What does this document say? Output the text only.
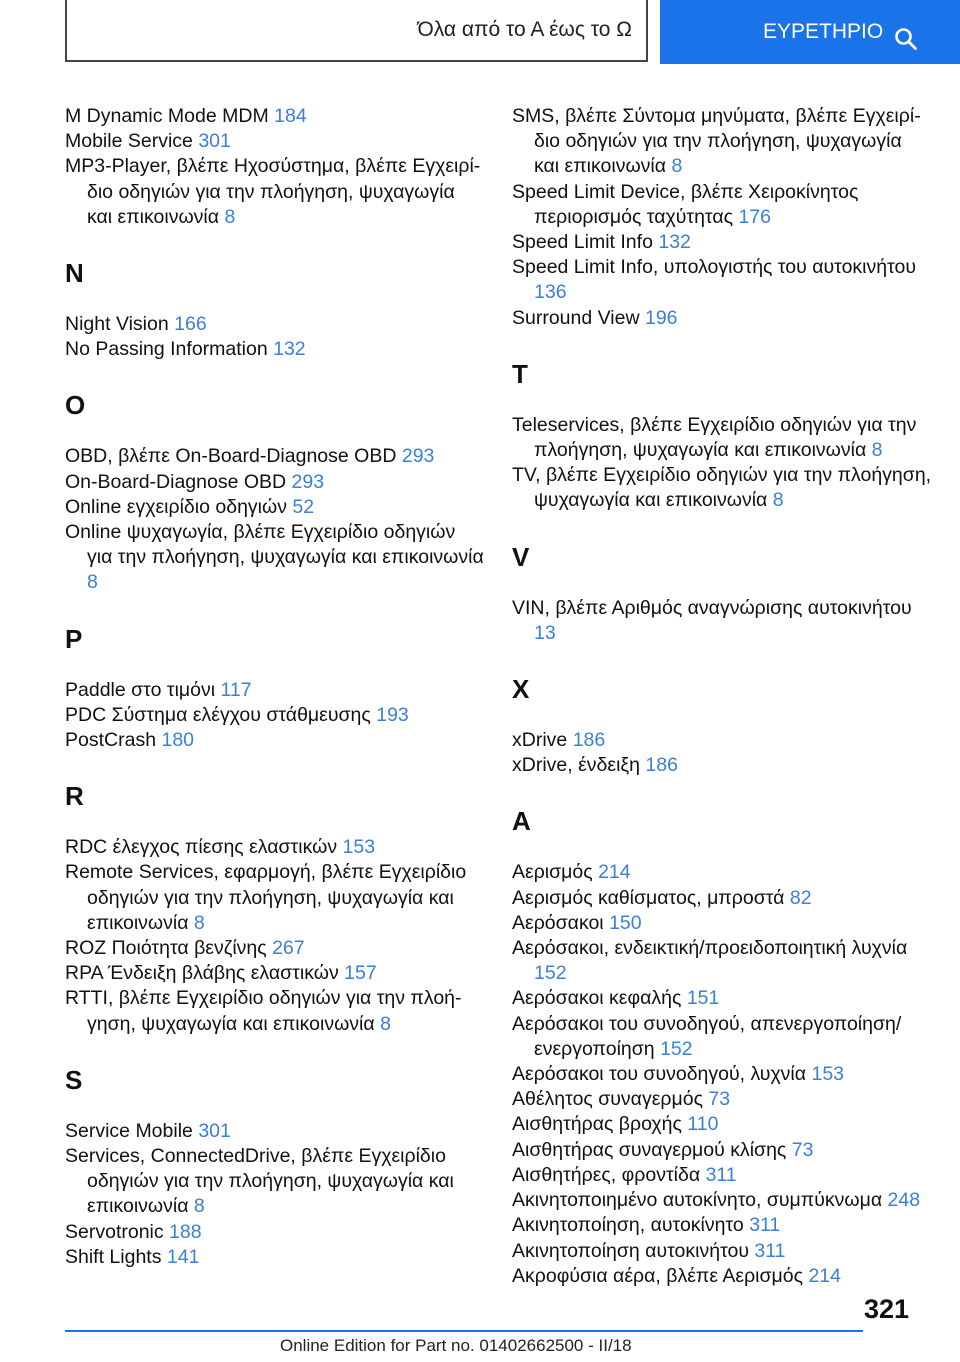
Όλα από το Α έως το Ω	ΕΥΡΕΤΗΡΙΟ

M Dynamic Mode MDM 184

Mobile Service 301

MP3-Player, βλέπε Ηχοσύστημα, βλέπε Εγχειρίδιο οδηγιών για την πλοήγηση, ψυχαγωγία και επικοινωνία 8

N

Night Vision 166

No Passing Information 132

O

OBD, βλέπε On-Board-Diagnose OBD 293

On-Board-Diagnose OBD 293

Online εγχειρίδιο οδηγιών 52

Online ψυχαγωγία, βλέπε Εγχειρίδιο οδηγιών για την πλοήγηση, ψυχαγωγία και επικοινωνία 8

P

Paddle στο τιμόνι 117

PDC Σύστημα ελέγχου στάθμευσης 193

PostCrash 180

R

RDC έλεγχος πίεσης ελαστικών 153

Remote Services, εφαρμογή, βλέπε Εγχειρίδιο οδηγιών για την πλοήγηση, ψυχαγωγία και επικοινωνία 8

ROZ Ποιότητα βενζίνης 267

RPA Ένδειξη βλάβης ελαστικών 157

RTTI, βλέπε Εγχειρίδιο οδηγιών για την πλοήγηση, ψυχαγωγία και επικοινωνία 8

S

Service Mobile 301

Services, ConnectedDrive, βλέπε Εγχειρίδιο οδηγιών για την πλοήγηση, ψυχαγωγία και επικοινωνία 8

Servotronic 188

Shift Lights 141

SMS, βλέπε Σύντομα μηνύματα, βλέπε Εγχειρίδιο οδηγιών για την πλοήγηση, ψυχαγωγία και επικοινωνία 8

Speed Limit Device, βλέπε Χειροκίνητος περιορισμός ταχύτητας 176

Speed Limit Info 132

Speed Limit Info, υπολογιστής του αυτοκινήτου 136

Surround View 196

T

Teleservices, βλέπε Εγχειρίδιο οδηγιών για την πλοήγηση, ψυχαγωγία και επικοινωνία 8

TV, βλέπε Εγχειρίδιο οδηγιών για την πλοήγηση, ψυχαγωγία και επικοινωνία 8

V

VIN, βλέπε Αριθμός αναγνώρισης αυτοκινήτου 13

X

xDrive 186

xDrive, ένδειξη 186

Α

Αερισμός 214

Αερισμός καθίσματος, μπροστά 82

Αερόσακοι 150

Αερόσακοι, ενδεικτική/προειδοποιητική λυχνία 152

Αερόσακοι κεφαλής 151

Αερόσακοι του συνοδηγού, απενεργοποίηση/ ενεργοποίηση 152

Αερόσακοι του συνοδηγού, λυχνία 153

Αθέλητος συναγερμός 73

Αισθητήρας βροχής 110

Αισθητήρας συναγερμού κλίσης 73

Αισθητήρες, φροντίδα 311

Ακινητοποιημένο αυτοκίνητο, συμπύκνωμα 248

Ακινητοποίηση, αυτοκίνητο 311

Ακινητοποίηση αυτοκινήτου 311

Ακροφύσια αέρα, βλέπε Αερισμός 214

321
Online Edition for Part no. 01402662500 - II/18
